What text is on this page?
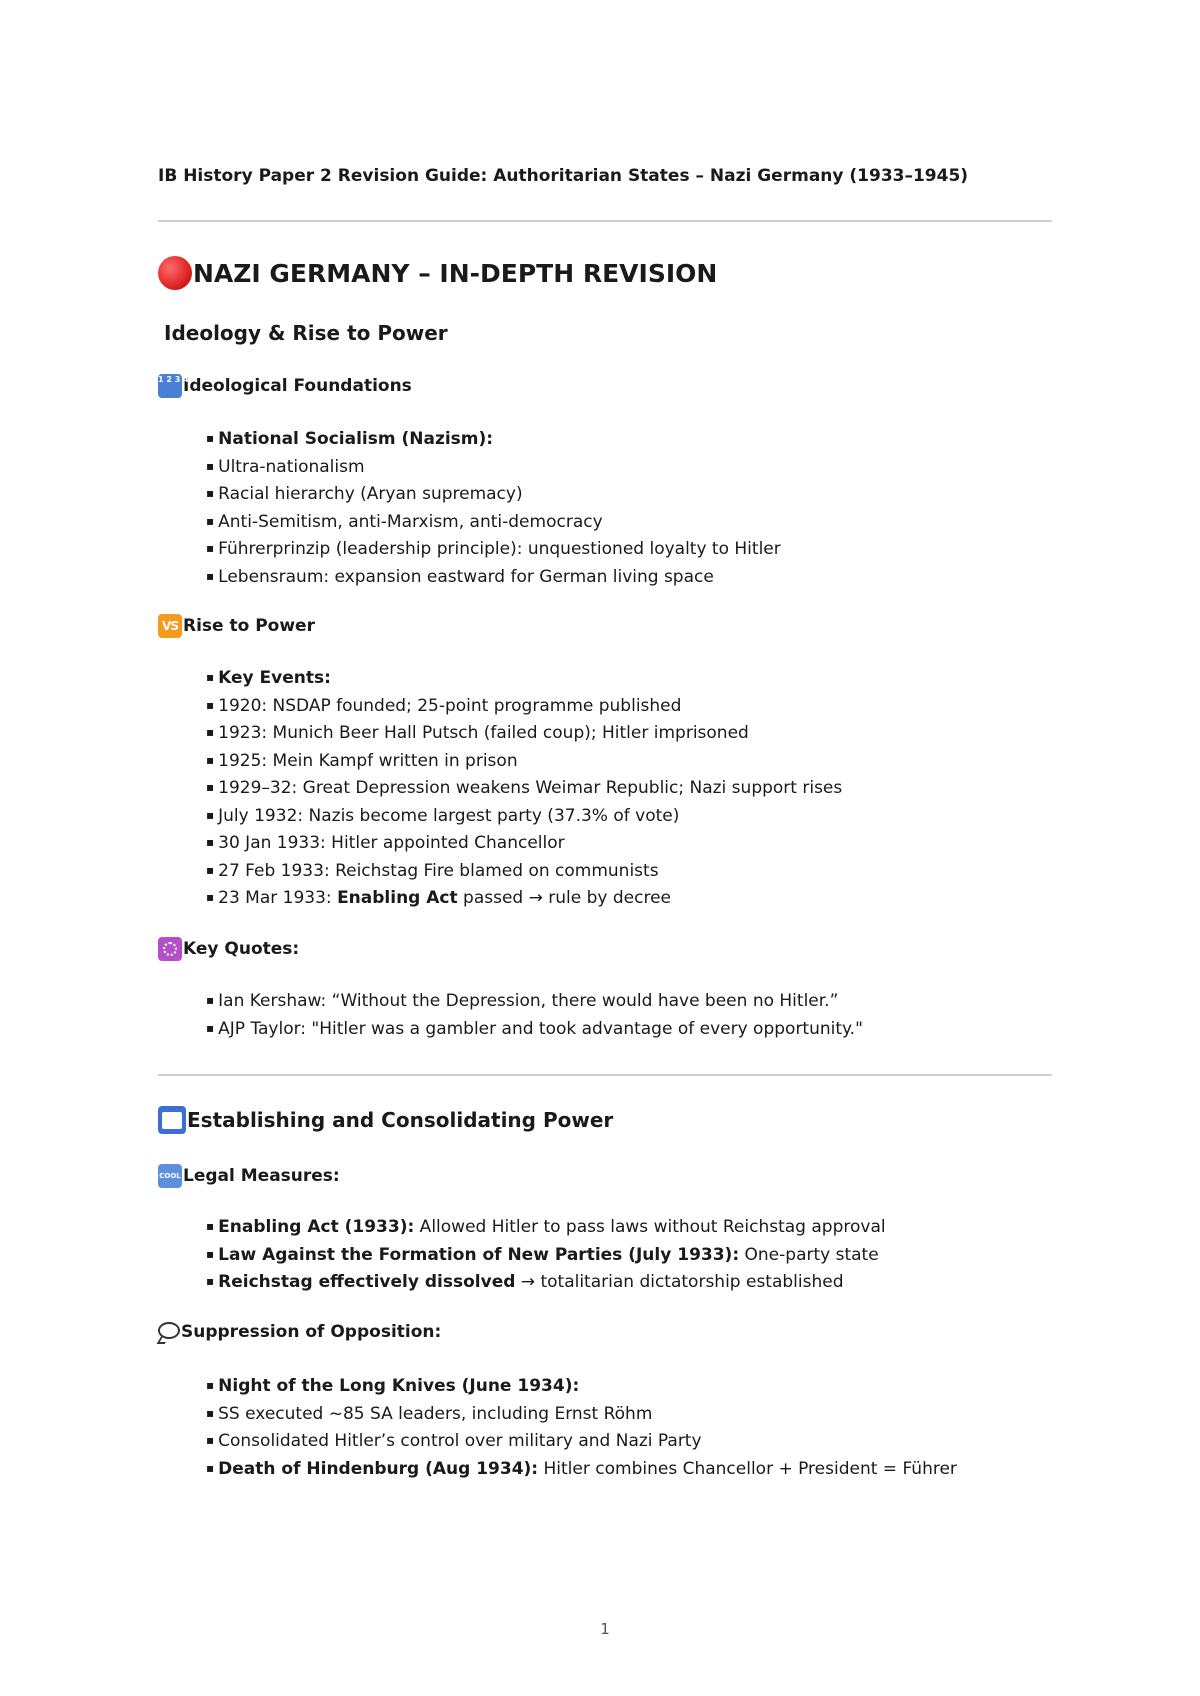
IB History Paper 2 Revision Guide: Authoritarian States – Nazi Germany (1933–1945)
NAZI GERMANY – IN-DEPTH REVISION
Ideology & Rise to Power
1 2 3 4
Ideological Foundations
▪ National Socialism (Nazism):
▪ Ultra-nationalism
▪ Racial hierarchy (Aryan supremacy)
▪ Anti-Semitism, anti-Marxism, anti-democracy
▪ Führerprinzip (leadership principle): unquestioned loyalty to Hitler
▪ Lebensraum: expansion eastward for German living space
VS Rise to Power
▪ Key Events:
▪ 1920: NSDAP founded; 25-point programme published
▪ 1923: Munich Beer Hall Putsch (failed coup); Hitler imprisoned
▪ 1925: Mein Kampf written in prison
▪ 1929–32: Great Depression weakens Weimar Republic; Nazi support rises
▪ July 1932: Nazis become largest party (37.3% of vote)
▪ 30 Jan 1933: Hitler appointed Chancellor
▪ 27 Feb 1933: Reichstag Fire blamed on communists
▪ 23 Mar 1933: Enabling Act passed → rule by decree
Key Quotes:
▪ Ian Kershaw: “Without the Depression, there would have been no Hitler.”
▪ AJP Taylor: "Hitler was a gambler and took advantage of every opportunity."
Establishing and Consolidating Power
COOL Legal Measures:
▪ Enabling Act (1933): Allowed Hitler to pass laws without Reichstag approval
▪ Law Against the Formation of New Parties (July 1933): One-party state
▪ Reichstag effectively dissolved → totalitarian dictatorship established
Suppression of Opposition:
▪ Night of the Long Knives (June 1934):
▪ SS executed ~85 SA leaders, including Ernst Röhm
▪ Consolidated Hitler’s control over military and Nazi Party
▪ Death of Hindenburg (Aug 1934): Hitler combines Chancellor + President = Führer
1
